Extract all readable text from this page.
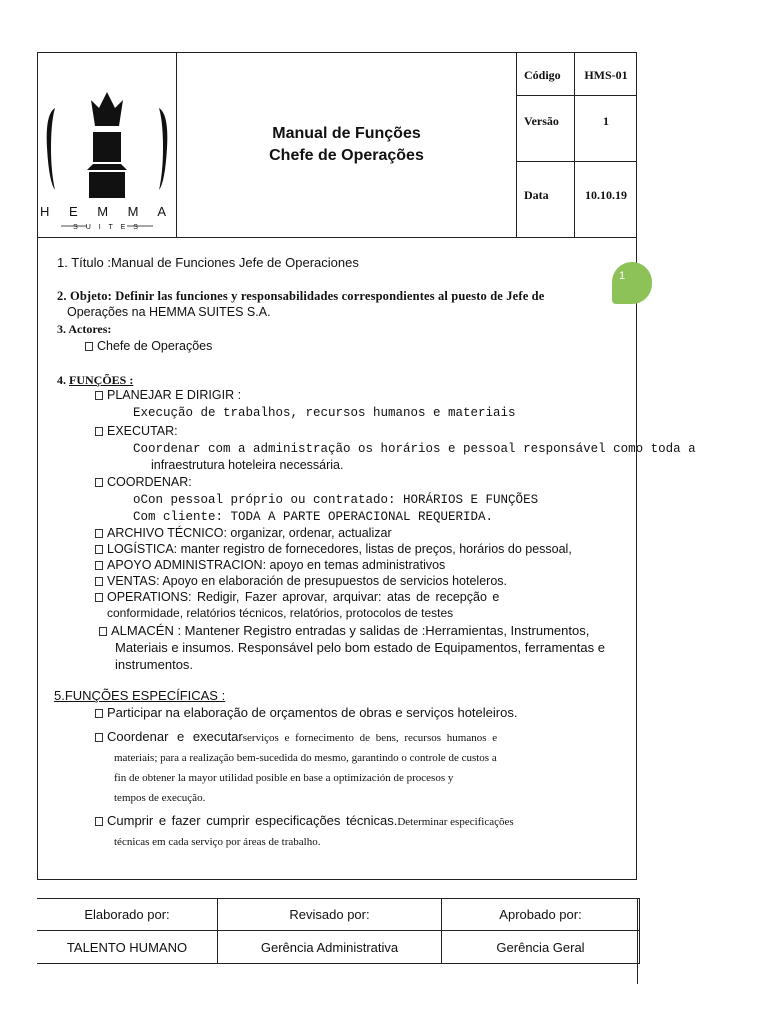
H E M M A
S U I T E S
Manual de Funções
Chefe de Operações
Código	HMS-01
Versão	1
Data	10.10.19
1
1. Título :Manual de Funciones Jefe de Operaciones
2. Objeto: Definir las funciones y responsabilidades correspondientes al puesto de Jefe de
Operações na HEMMA SUITES S.A.
3. Actores:
Chefe de Operações
4. FUNÇÕES :
PLANEJAR E DIRIGIR :
Execução de trabalhos, recursos humanos e materiais
EXECUTAR:
Coordenar com a administração os horários e pessoal responsável como toda a
infraestrutura hoteleira necessária.
COORDENAR:
oCon pessoal próprio ou contratado: HORÁRIOS E FUNÇÕES
Com cliente: TODA A PARTE OPERACIONAL REQUERIDA.
ARCHIVO TÉCNICO: organizar, ordenar, actualizar
LOGÍSTICA: manter registro de fornecedores, listas de preços, horários do pessoal,
APOYO ADMINISTRACION: apoyo en temas administrativos
VENTAS: Apoyo en elaboración de presupuestos de servicios hoteleros.
OPERATIONS: Redigir, Fazer aprovar, arquivar: atas de recepção e
conformidade, relatórios técnicos, relatórios, protocolos de testes
ALMACÉN : Mantener Registro entradas y salidas de :Herramientas, Instrumentos,
Materiais e insumos. Responsável pelo bom estado de Equipamentos, ferramentas e
instrumentos.
5.FUNÇÕES ESPECÍFICAS :
Participar na elaboração de orçamentos de obras e serviços hoteleiros.
Coordenar e executarserviços e fornecimento de bens, recursos humanos e
materiais; para a realização bem-sucedida do mesmo, garantindo o controle de custos a
fin de obtener la mayor utilidad posible en base a optimización de procesos y
tempos de execução.
Cumprir e fazer cumprir especificações técnicas.Determinar especificações
técnicas em cada serviço por áreas de trabalho.
Elaborado por:	Revisado por:	Aprobado por:
TALENTO HUMANO	Gerência Administrativa	Gerência Geral
